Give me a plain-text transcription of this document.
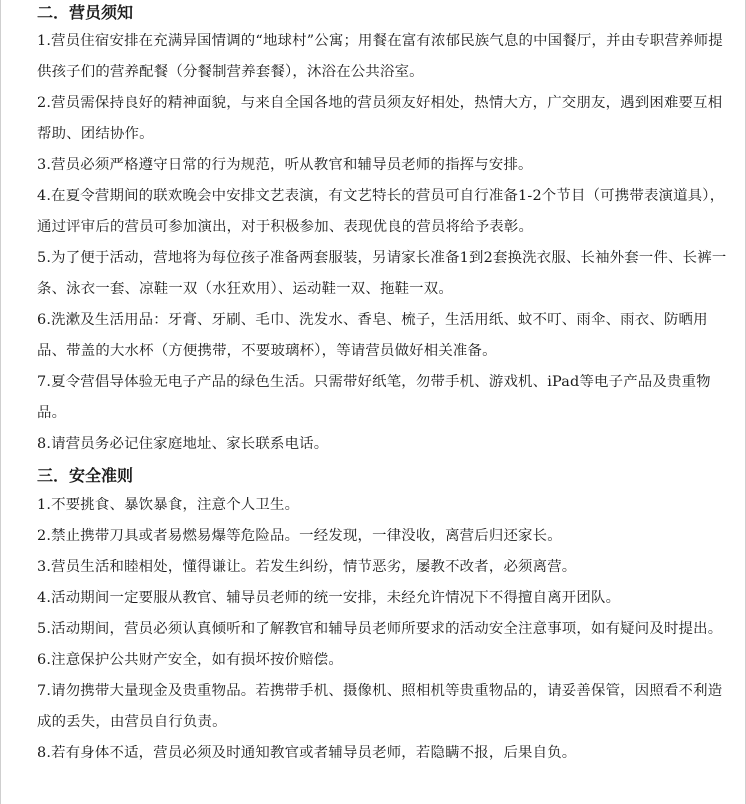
二．营员须知

1.营员住宿安排在充满异国情调的“地球村”公寓；用餐在富有浓郁民族气息的中国餐厅，并由专职营养师提供孩子们的营养配餐（分餐制营养套餐），沐浴在公共浴室。

2.营员需保持良好的精神面貌，与来自全国各地的营员须友好相处，热情大方，广交朋友，遇到困难要互相帮助、团结协作。

3.营员必须严格遵守日常的行为规范，听从教官和辅导员老师的指挥与安排。

4.在夏令营期间的联欢晚会中安排文艺表演，有文艺特长的营员可自行准备1-2个节目（可携带表演道具），通过评审后的营员可参加演出，对于积极参加、表现优良的营员将给予表彰。

5.为了便于活动，营地将为每位孩子准备两套服装，另请家长准备1到2套换洗衣服、长袖外套一件、长裤一条、泳衣一套、凉鞋一双（水狂欢用）、运动鞋一双、拖鞋一双。

6.洗漱及生活用品：牙膏、牙刷、毛巾、洗发水、香皂、梳子，生活用纸、蚊不叮、雨伞、雨衣、防晒用品、带盖的大水杯（方便携带，不要玻璃杯），等请营员做好相关准备。

7.夏令营倡导体验无电子产品的绿色生活。只需带好纸笔，勿带手机、游戏机、iPad等电子产品及贵重物品。

8.请营员务必记住家庭地址、家长联系电话。

三．安全准则

1.不要挑食、暴饮暴食，注意个人卫生。

2.禁止携带刀具或者易燃易爆等危险品。一经发现，一律没收，离营后归还家长。

3.营员生活和睦相处，懂得谦让。若发生纠纷，情节恶劣，屡教不改者，必须离营。

4.活动期间一定要服从教官、辅导员老师的统一安排，未经允许情况下不得擅自离开团队。

5.活动期间，营员必须认真倾听和了解教官和辅导员老师所要求的活动安全注意事项，如有疑问及时提出。

6.注意保护公共财产安全，如有损坏按价赔偿。

7.请勿携带大量现金及贵重物品。若携带手机、摄像机、照相机等贵重物品的，请妥善保管，因照看不利造成的丢失，由营员自行负责。

8.若有身体不适，营员必须及时通知教官或者辅导员老师，若隐瞒不报，后果自负。
